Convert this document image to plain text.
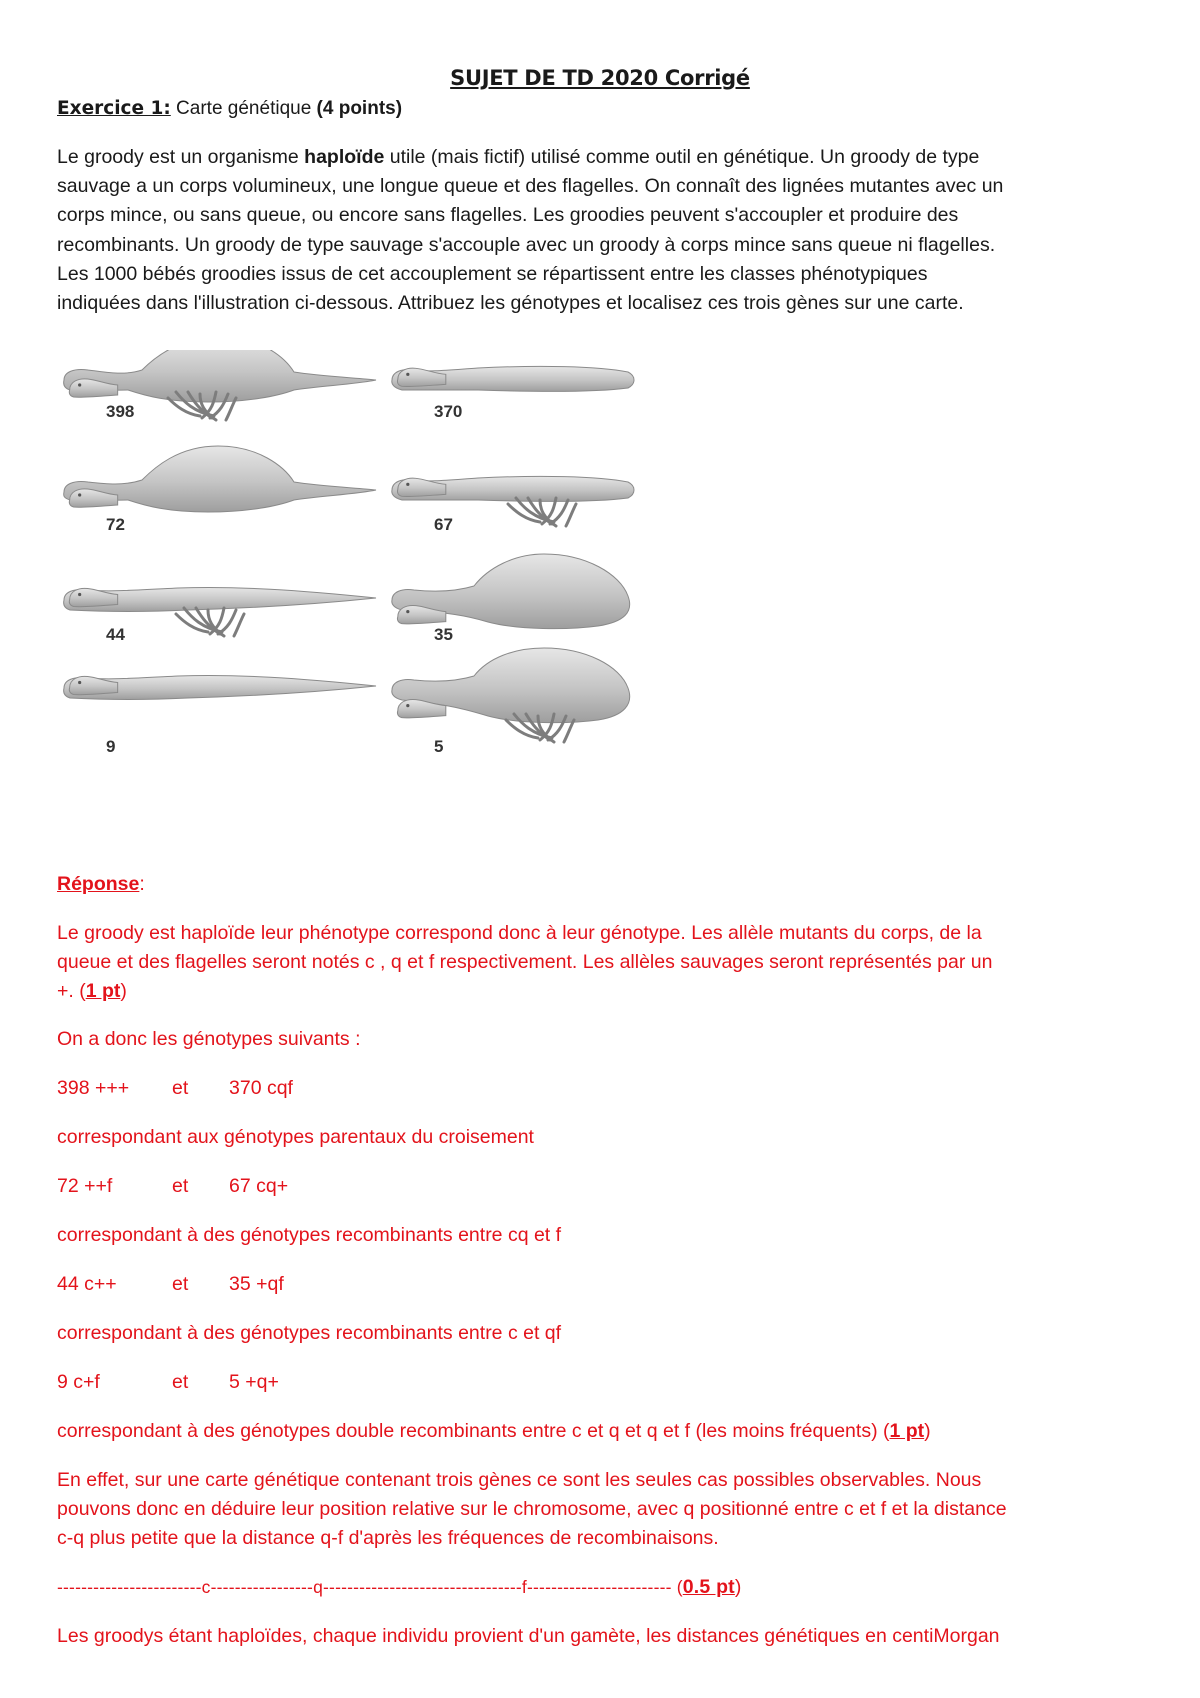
SUJET DE TD 2020 Corrigé
Exercice 1: Carte génétique (4 points)
Le groody est un organisme haploïde utile (mais fictif) utilisé comme outil en génétique. Un groody de type
sauvage a un corps volumineux, une longue queue et des flagelles. On connaît des lignées mutantes avec un
corps mince, ou sans queue, ou encore sans flagelles. Les groodies peuvent s'accoupler et produire des
recombinants. Un groody de type sauvage s'accouple avec un groody à corps mince sans queue ni flagelles.
Les 1000 bébés groodies issus de cet accouplement se répartissent entre les classes phénotypiques
indiquées dans l'illustration ci-dessous. Attribuez les génotypes et localisez ces trois gènes sur une carte.
398	370
72	67
44	35
9	5
Réponse:
Le groody est haploïde leur phénotype correspond donc à leur génotype. Les allèle mutants du corps, de la
queue et des flagelles seront notés c , q et f respectivement. Les allèles sauvages seront représentés par un
+. (1 pt)
On a donc les génotypes suivants :
398 +++ et 370 cqf
correspondant aux génotypes parentaux du croisement
72 ++f	et 67 cq+
correspondant à des génotypes recombinants entre cq et f
44 c++	et 35 +qf
correspondant à des génotypes recombinants entre c et qf
9 c+f	et 5 +q+
correspondant à des génotypes double recombinants entre c et q et q et f (les moins fréquents) (1 pt)
En effet, sur une carte génétique contenant trois gènes ce sont les seules cas possibles observables. Nous
pouvons donc en déduire leur position relative sur le chromosome, avec q positionné entre c et f et la distance
c-q plus petite que la distance q-f d'après les fréquences de recombinaisons.
------------------------c-----------------q---------------------------------f------------------------ (0.5 pt)
Les groodys étant haploïdes, chaque individu provient d'un gamète, les distances génétiques en centiMorgan
